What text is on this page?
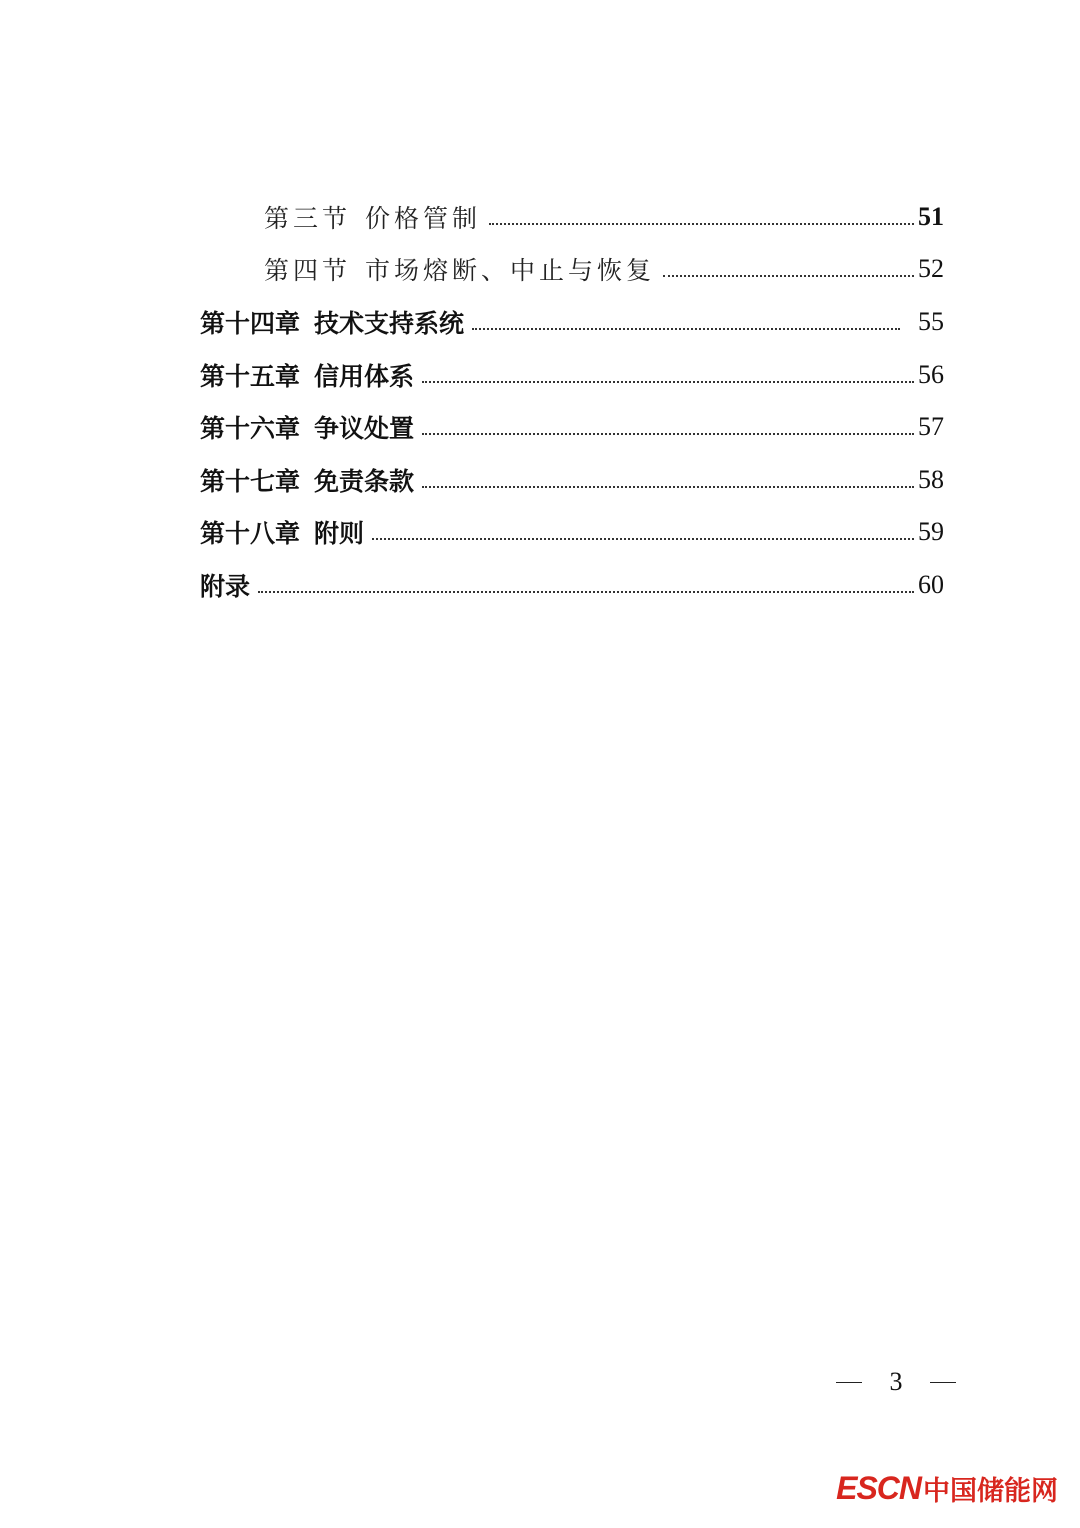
第三节 价格管制	51
第四节 市场熔断、中止与恢复	52
第十四章 技术支持系统	55
第十五章 信用体系	56
第十六章 争议处置	57
第十七章 免责条款	58
第十八章 附则	59
附录	60
3
ESCN 中国储能网
